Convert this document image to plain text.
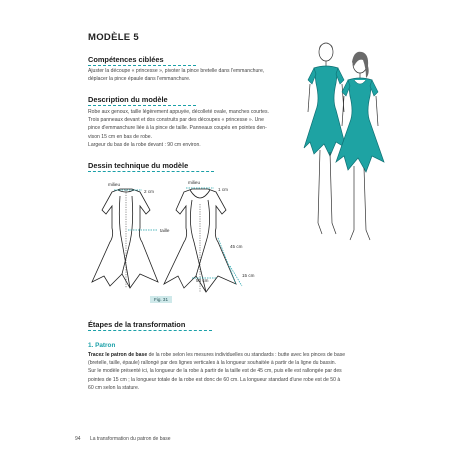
MODÈLE 5
Compétences ciblées
Ajuster la découpe « princesse », pivoter la pince bretelle dans l'emmanchure,
déplacer la pince épaule dans l'emmanchure.
Description du modèle
Robe aux genoux, taille légèrement appuyée, décolleté ovale, manches courtes.
Trois panneaux devant et dos construits par des découpes « princesse ». Une
pince d'emmanchure liée à la pince de taille. Panneaux coupés en pointes den-
vison 15 cm en bas de robe.
Largeur du bas de la robe devant : 90 cm environ.
Dessin technique du modèle
milieu
2 cm
taille
milieu
1 cm
45 cm
50 cm
15 cm
Fig. 31
Étapes de la transformation
1. Patron
Tracez le patron de base de la robe selon les mesures individuelles ou standards : butte avec les pinces de base
(bretelle, taille, épaule) rallongé par des lignes verticales à la longueur souhaitée à partir de la ligne du bassin.
Sur le modèle présenté ici, la longueur de la robe à partir de la taille est de 45 cm, puis elle est rallongée par des
pointes de 15 cm ; la longueur totale de la robe est donc de 60 cm. La longueur standard d'une robe est de 50 à
60 cm selon la stature.
94 La transformation du patron de base
